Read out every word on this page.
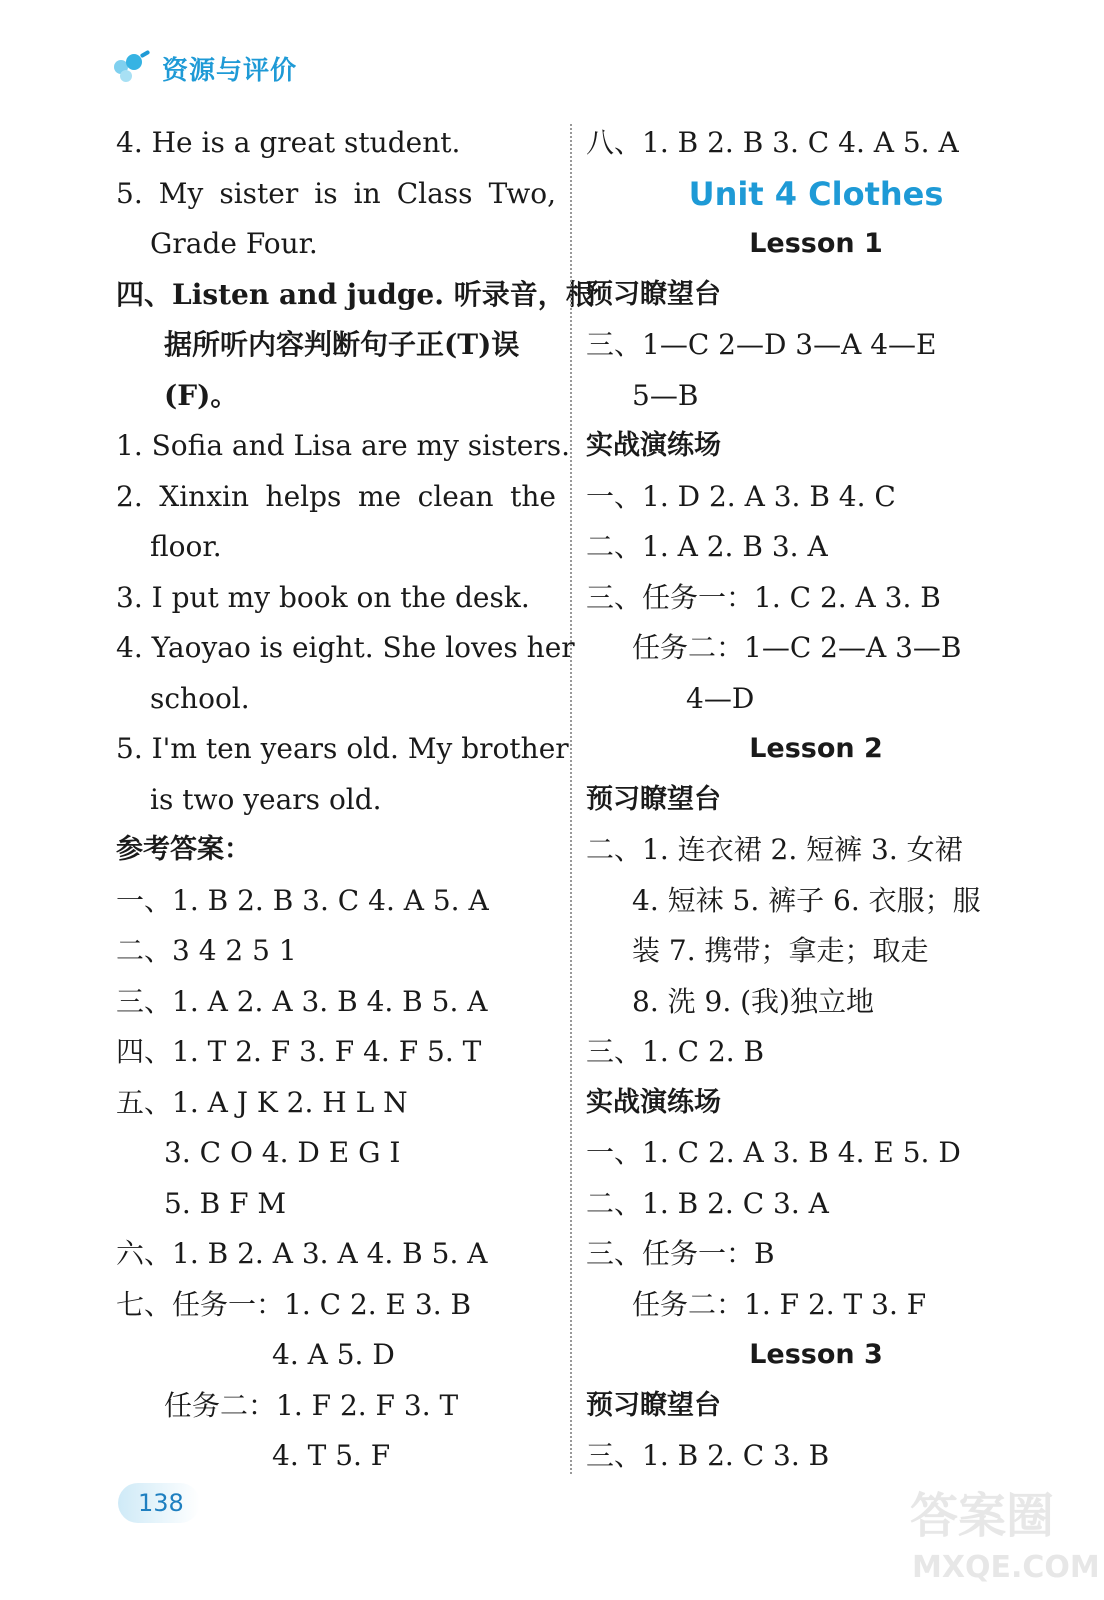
资源与评价
4. He is a great student.
5. My sister is in Class Two,
Grade Four.
四、Listen and judge. 听录音，根
据所听内容判断句子正(T)误
(F)。
1. Sofia and Lisa are my sisters.
2. Xinxin helps me clean the
floor.
3. I put my book on the desk.
4. Yaoyao is eight. She loves her
school.
5. I'm ten years old. My brother
is two years old.
参考答案：
一、1. B 2. B 3. C 4. A 5. A
二、3 4 2 5 1
三、1. A 2. A 3. B 4. B 5. A
四、1. T 2. F 3. F 4. F 5. T
五、1. A J K 2. H L N
3. C O 4. D E G I
5. B F M
六、1. B 2. A 3. A 4. B 5. A
七、任务一：1. C 2. E 3. B
4. A 5. D
任务二：1. F 2. F 3. T
4. T 5. F
八、1. B 2. B 3. C 4. A 5. A
Unit 4 Clothes
Lesson 1
预习瞭望台
三、1—C 2—D 3—A 4—E
5—B
实战演练场
一、1. D 2. A 3. B 4. C
二、1. A 2. B 3. A
三、任务一：1. C 2. A 3. B
任务二：1—C 2—A 3—B
4—D
Lesson 2
预习瞭望台
二、1. 连衣裙 2. 短裤 3. 女裙
4. 短袜 5. 裤子 6. 衣服；服
装 7. 携带；拿走；取走
8. 洗 9. (我)独立地
三、1. C 2. B
实战演练场
一、1. C 2. A 3. B 4. E 5. D
二、1. B 2. C 3. A
三、任务一：B
任务二：1. F 2. T 3. F
Lesson 3
预习瞭望台
三、1. B 2. C 3. B
138	答案圈
MXQE.COM
